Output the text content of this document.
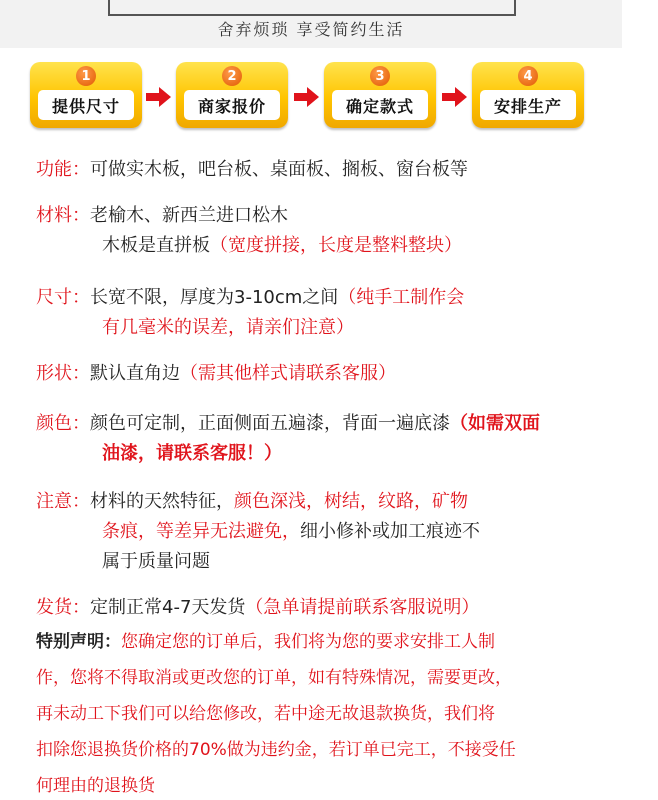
舍弃烦琐 享受简约生活
1
提供尺寸
2
商家报价
3
确定款式
4
安排生产
功能：可做实木板，吧台板、桌面板、搁板、窗台板等
材料：老榆木、新西兰进口松木
木板是直拼板（宽度拼接，长度是整料整块）
尺寸：长宽不限，厚度为3-10cm之间（纯手工制作会
有几毫米的误差，请亲们注意）
形状：默认直角边（需其他样式请联系客服）
颜色：颜色可定制，正面侧面五遍漆，背面一遍底漆（如需双面
油漆，请联系客服！）
注意：材料的天然特征，颜色深浅，树结，纹路，矿物
条痕，等差异无法避免，细小修补或加工痕迹不
属于质量问题
发货：定制正常4-7天发货（急单请提前联系客服说明）
特别声明：您确定您的订单后，我们将为您的要求安排工人制
作，您将不得取消或更改您的订单，如有特殊情况，需要更改，
再未动工下我们可以给您修改，若中途无故退款换货，我们将
扣除您退换货价格的70%做为违约金，若订单已完工，不接受任
何理由的退换货
